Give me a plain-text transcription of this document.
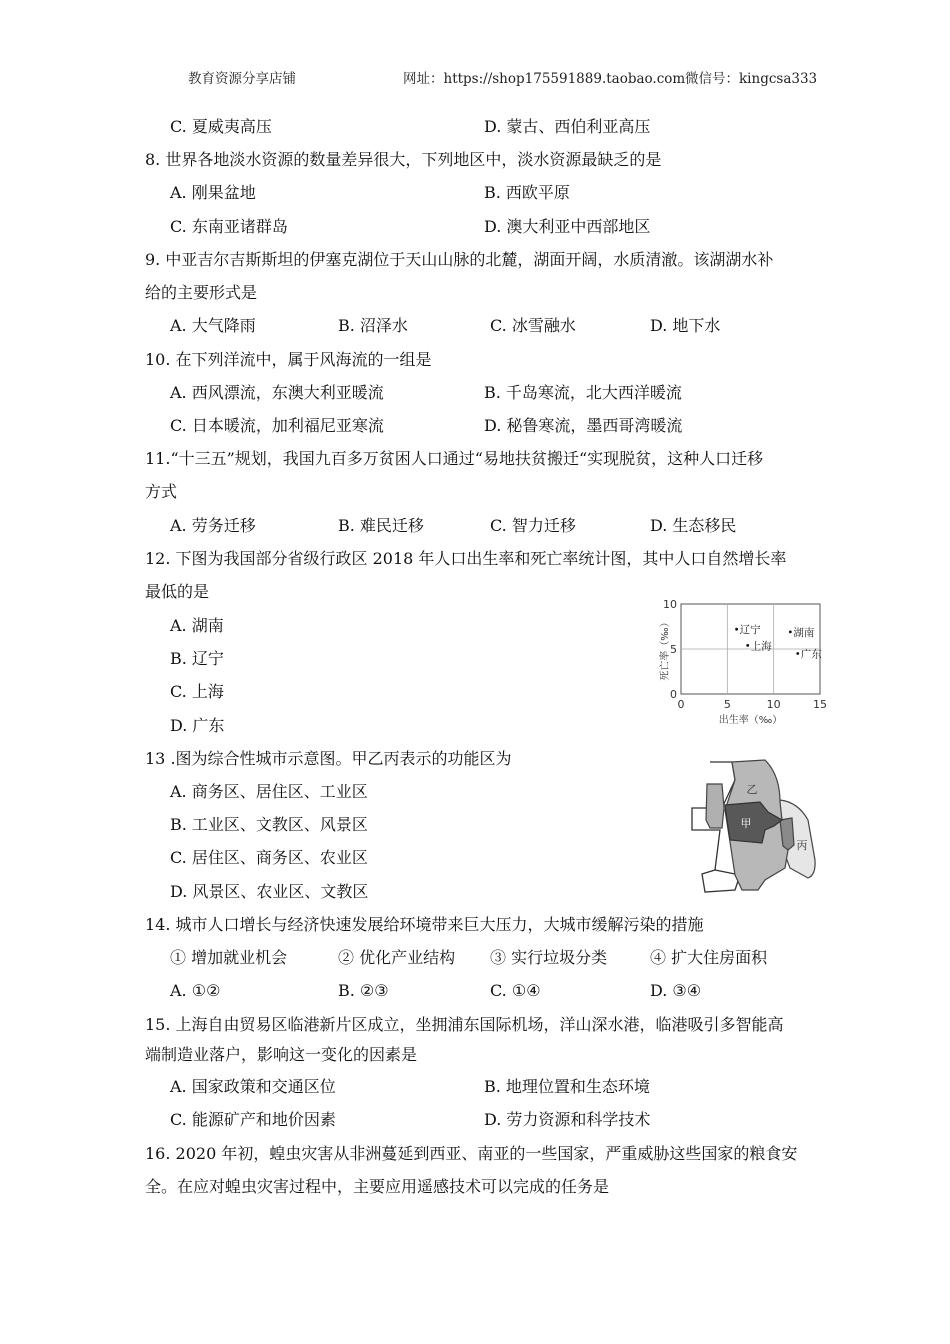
教育资源分享店铺	网址：https://shop175591889.taobao.com 微信号：kingcsa333
C. 夏威夷高压	D. 蒙古、西伯利亚高压
8. 世界各地淡水资源的数量差异很大，下列地区中，淡水资源最缺乏的是
A. 刚果盆地	B. 西欧平原
C. 东南亚诸群岛	D. 澳大利亚中西部地区
9. 中亚吉尔吉斯斯坦的伊塞克湖位于天山山脉的北麓，湖面开阔，水质清澈。该湖湖水补
给的主要形式是
A. 大气降雨	B. 沼泽水	C. 冰雪融水	D. 地下水
10. 在下列洋流中，属于风海流的一组是
A. 西风漂流，东澳大利亚暖流	B. 千岛寒流，北大西洋暖流
C. 日本暖流，加利福尼亚寒流	D. 秘鲁寒流，墨西哥湾暖流
11.“十三五”规划，我国九百多万贫困人口通过“易地扶贫搬迁“实现脱贫，这种人口迁移
方式
A. 劳务迁移	B. 难民迁移	C. 智力迁移	D. 生态移民
12. 下图为我国部分省级行政区 2018 年人口出生率和死亡率统计图，其中人口自然增长率
最低的是
A. 湖南
B. 辽宁
C. 上海
D. 广东
0	5	10	15
0
5
10
出生率（‰）
死亡率（‰）	辽宁
上海
湖南
广东
13 .图为综合性城市示意图。甲乙丙表示的功能区为
A. 商务区、居住区、工业区
B. 工业区、文教区、风景区
C. 居住区、商务区、农业区
D. 风景区、农业区、文教区
乙
甲
丙
14. 城市人口增长与经济快速发展给环境带来巨大压力，大城市缓解污染的措施
① 增加就业机会	② 优化产业结构 ③ 实行垃圾分类	④ 扩大住房面积
A. ①②	B. ②③	C. ①④	D. ③④
15. 上海自由贸易区临港新片区成立，坐拥浦东国际机场，洋山深水港，临港吸引多智能高
端制造业落户，影响这一变化的因素是
A. 国家政策和交通区位	B. 地理位置和生态环境
C. 能源矿产和地价因素	D. 劳力资源和科学技术
16. 2020 年初，蝗虫灾害从非洲蔓延到西亚、南亚的一些国家，严重威胁这些国家的粮食安
全。在应对蝗虫灾害过程中，主要应用遥感技术可以完成的任务是
